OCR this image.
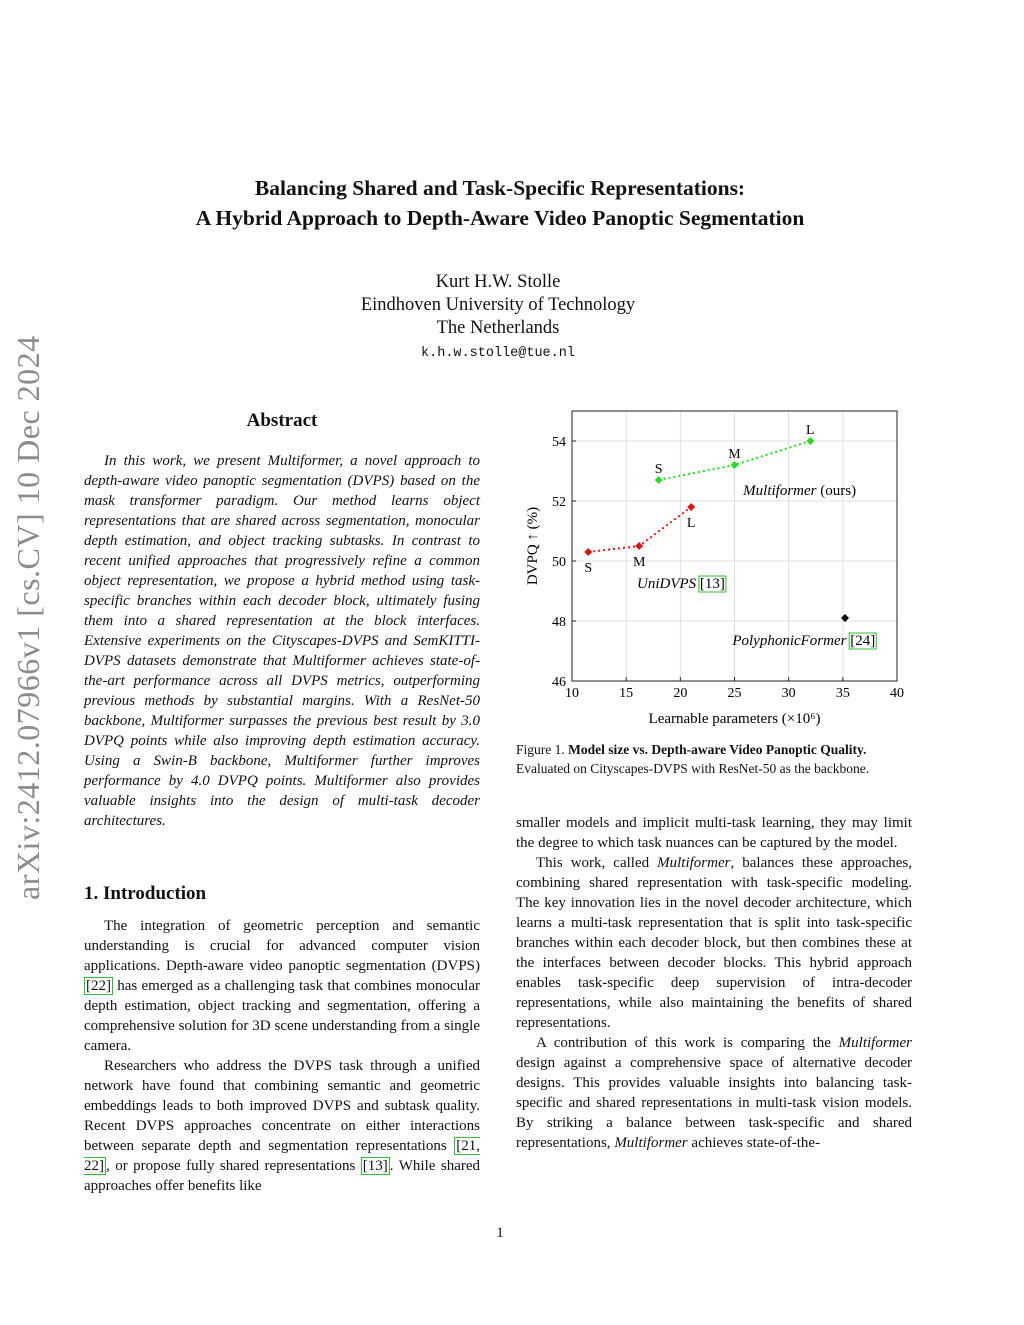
arXiv:2412.07966v1 [cs.CV] 10 Dec 2024
Balancing Shared and Task-Specific Representations:
A Hybrid Approach to Depth-Aware Video Panoptic Segmentation
Kurt H.W. Stolle
Eindhoven University of Technology
The Netherlands
k.h.w.stolle@tue.nl
Abstract
In this work, we present Multiformer, a novel approach to depth-aware video panoptic segmentation (DVPS) based on the mask transformer paradigm. Our method learns object representations that are shared across segmentation, monocular depth estimation, and object tracking subtasks. In contrast to recent unified approaches that progressively refine a common object representation, we propose a hybrid method using task-specific branches within each decoder block, ultimately fusing them into a shared representation at the block interfaces. Extensive experiments on the Cityscapes-DVPS and SemKITTI-DVPS datasets demonstrate that Multiformer achieves state-of-the-art performance across all DVPS metrics, outperforming previous methods by substantial margins. With a ResNet-50 backbone, Multiformer surpasses the previous best result by 3.0 DVPQ points while also improving depth estimation accuracy. Using a Swin-B backbone, Multiformer further improves performance by 4.0 DVPQ points. Multiformer also provides valuable insights into the design of multi-task decoder architectures.
1. Introduction

The integration of geometric perception and semantic understanding is crucial for advanced computer vision applications. Depth-aware video panoptic segmentation (DVPS) [22] has emerged as a challenging task that combines monocular depth estimation, object tracking and segmentation, offering a comprehensive solution for 3D scene understanding from a single camera.

Researchers who address the DVPS task through a unified network have found that combining semantic and geometric embeddings leads to both improved DVPS and subtask quality. Recent DVPS approaches concentrate on either interactions between separate depth and segmentation representations [21, 22] , or propose fully shared representations [13] . While shared approaches offer benefits like

10	15	20	25	30	35	40
46
48
50
52
54
Learnable parameters (×10⁶)
DVPQ ↑ (%)
S
M
L
S	M
L
Multiformer (ours)
UniDVPS [13]
PolyphonicFormer [24]
Figure 1. Model size vs. Depth-aware Video Panoptic Quality. Evaluated on Cityscapes-DVPS with ResNet-50 as the backbone.

smaller models and implicit multi-task learning, they may limit the degree to which task nuances can be captured by the model.

This work, called Multiformer, balances these approaches, combining shared representation with task-specific modeling. The key innovation lies in the novel decoder architecture, which learns a multi-task representation that is split into task-specific branches within each decoder block, but then combines these at the interfaces between decoder blocks. This hybrid approach enables task-specific deep supervision of intra-decoder representations, while also maintaining the benefits of shared representations.

A contribution of this work is comparing the Multiformer design against a comprehensive space of alternative decoder designs. This provides valuable insights into balancing task-specific and shared representations in multi-task vision models. By striking a balance between task-specific and shared representations, Multiformer achieves state-of-the-

1
